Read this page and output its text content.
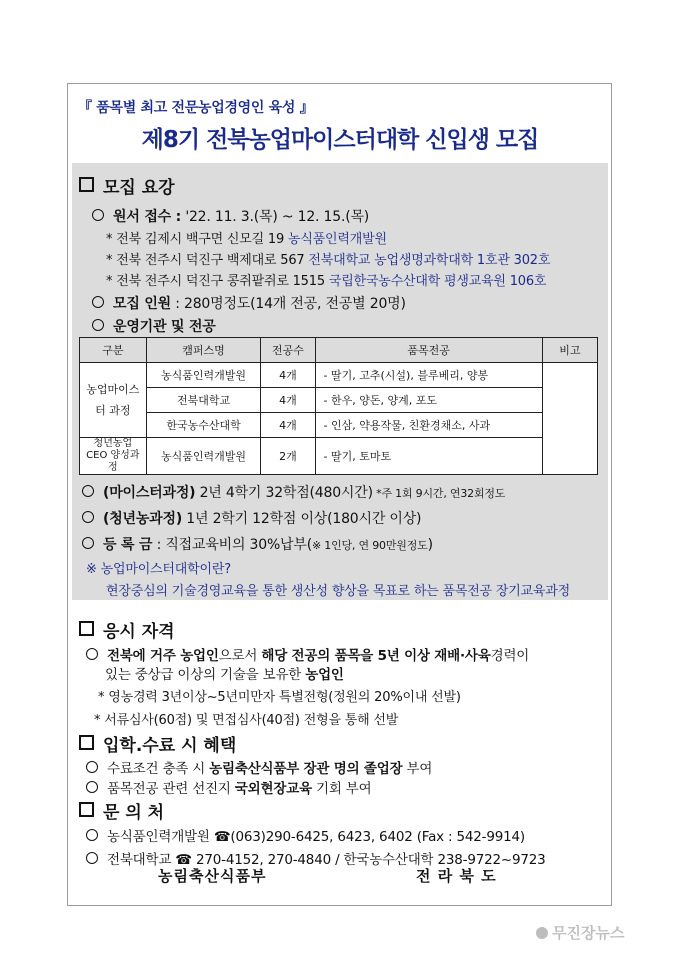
『 품목별 최고 전문농업경영인 육성 』
제8기 전북농업마이스터대학 신입생 모집
모집 요강
원서 접수 : '22. 11. 3.(목) ~ 12. 15.(목)
* 전북 김제시 백구면 신모길 19 농식품인력개발원
* 전북 전주시 덕진구 백제대로 567 전북대학교 농업생명과학대학 1호관 302호
* 전북 전주시 덕진구 콩쥐팥쥐로 1515 국립한국농수산대학 평생교육원 106호
모집 인원 : 280명정도(14개 전공, 전공별 20명)
운영기관 및 전공
구분	캠퍼스명	전공수	품목전공	비고
농업마이스터 과정	농식품인력개발원	4개	- 딸기, 고추(시설), 블루베리, 양봉	
	전북대학교	4개	- 한우, 양돈, 양계, 포도	
	한국농수산대학	4개	- 인삼, 약용작물, 친환경채소, 사과	
청년농업CEO 양성과정	농식품인력개발원	2개	- 딸기, 토마토	
(마이스터과정) 2년 4학기 32학점(480시간) *주 1회 9시간, 연32회정도
(청년농과정) 1년 2학기 12학점 이상(180시간 이상)
등 록 금 : 직접교육비의 30%납부(※ 1인당, 연 90만원정도)
※ 농업마이스터대학이란?
현장중심의 기술경영교육을 통한 생산성 향상을 목표로 하는 품목전공 장기교육과정
응시 자격
전북에 거주 농업인으로서 해당 전공의 품목을 5년 이상 재배·사육경력이
있는 중상급 이상의 기술을 보유한 농업인
* 영농경력 3년이상~5년미만자 특별전형(정원의 20%이내 선발)
* 서류심사(60점) 및 면접심사(40점) 전형을 통해 선발
입학.수료 시 혜택
수료조건 충족 시 농림축산식품부 장관 명의 졸업장 부여
품목전공 관련 선진지 국외현장교육 기회 부여
문 의 처
농식품인력개발원 ☎(063)290-6425, 6423, 6402 (Fax : 542-9914)
전북대학교 ☎ 270-4152, 270-4840 / 한국농수산대학 238-9722~9723
농림축산식품부	전 라 북 도
무진장뉴스
